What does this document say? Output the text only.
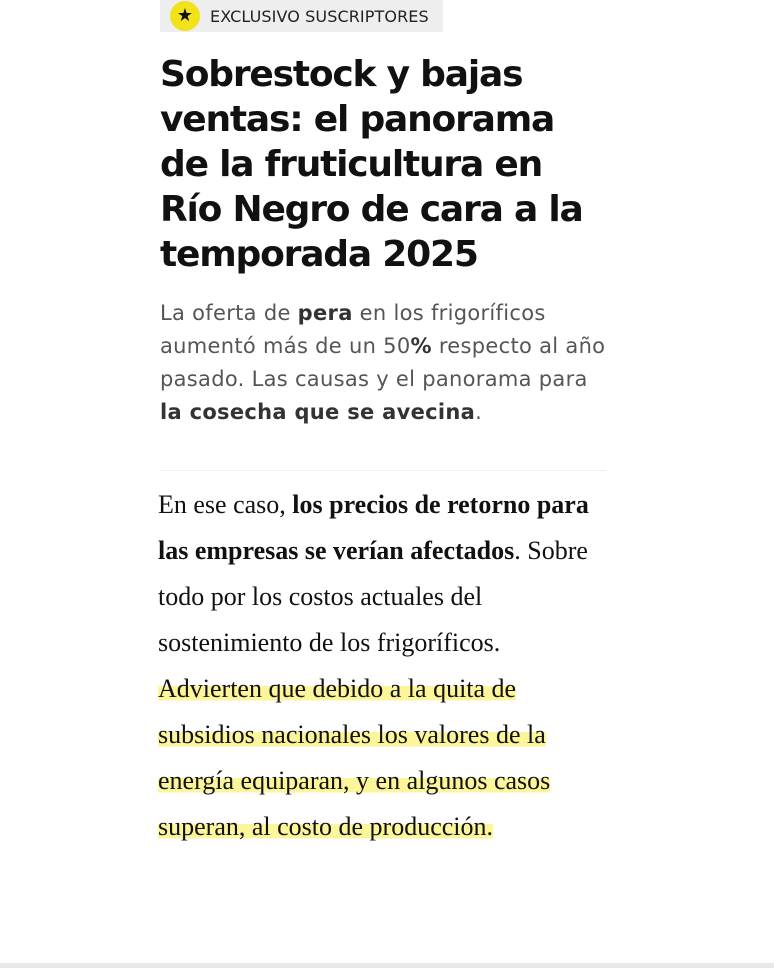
★	EXCLUSIVO SUSCRIPTORES
Sobrestock y bajas ventas: el panorama de la fruticultura en Río Negro de cara a la temporada 2025

La oferta de pera en los frigoríficos aumentó más de un 50% respecto al año pasado. Las causas y el panorama para la cosecha que se avecina.

En ese caso, los precios de retorno para las empresas se verían afectados. Sobre todo por los costos actuales del sostenimiento de los frigoríficos. Advierten que debido a la quita de subsidios nacionales los valores de la energía equiparan, y en algunos casos superan, al costo de producción.
